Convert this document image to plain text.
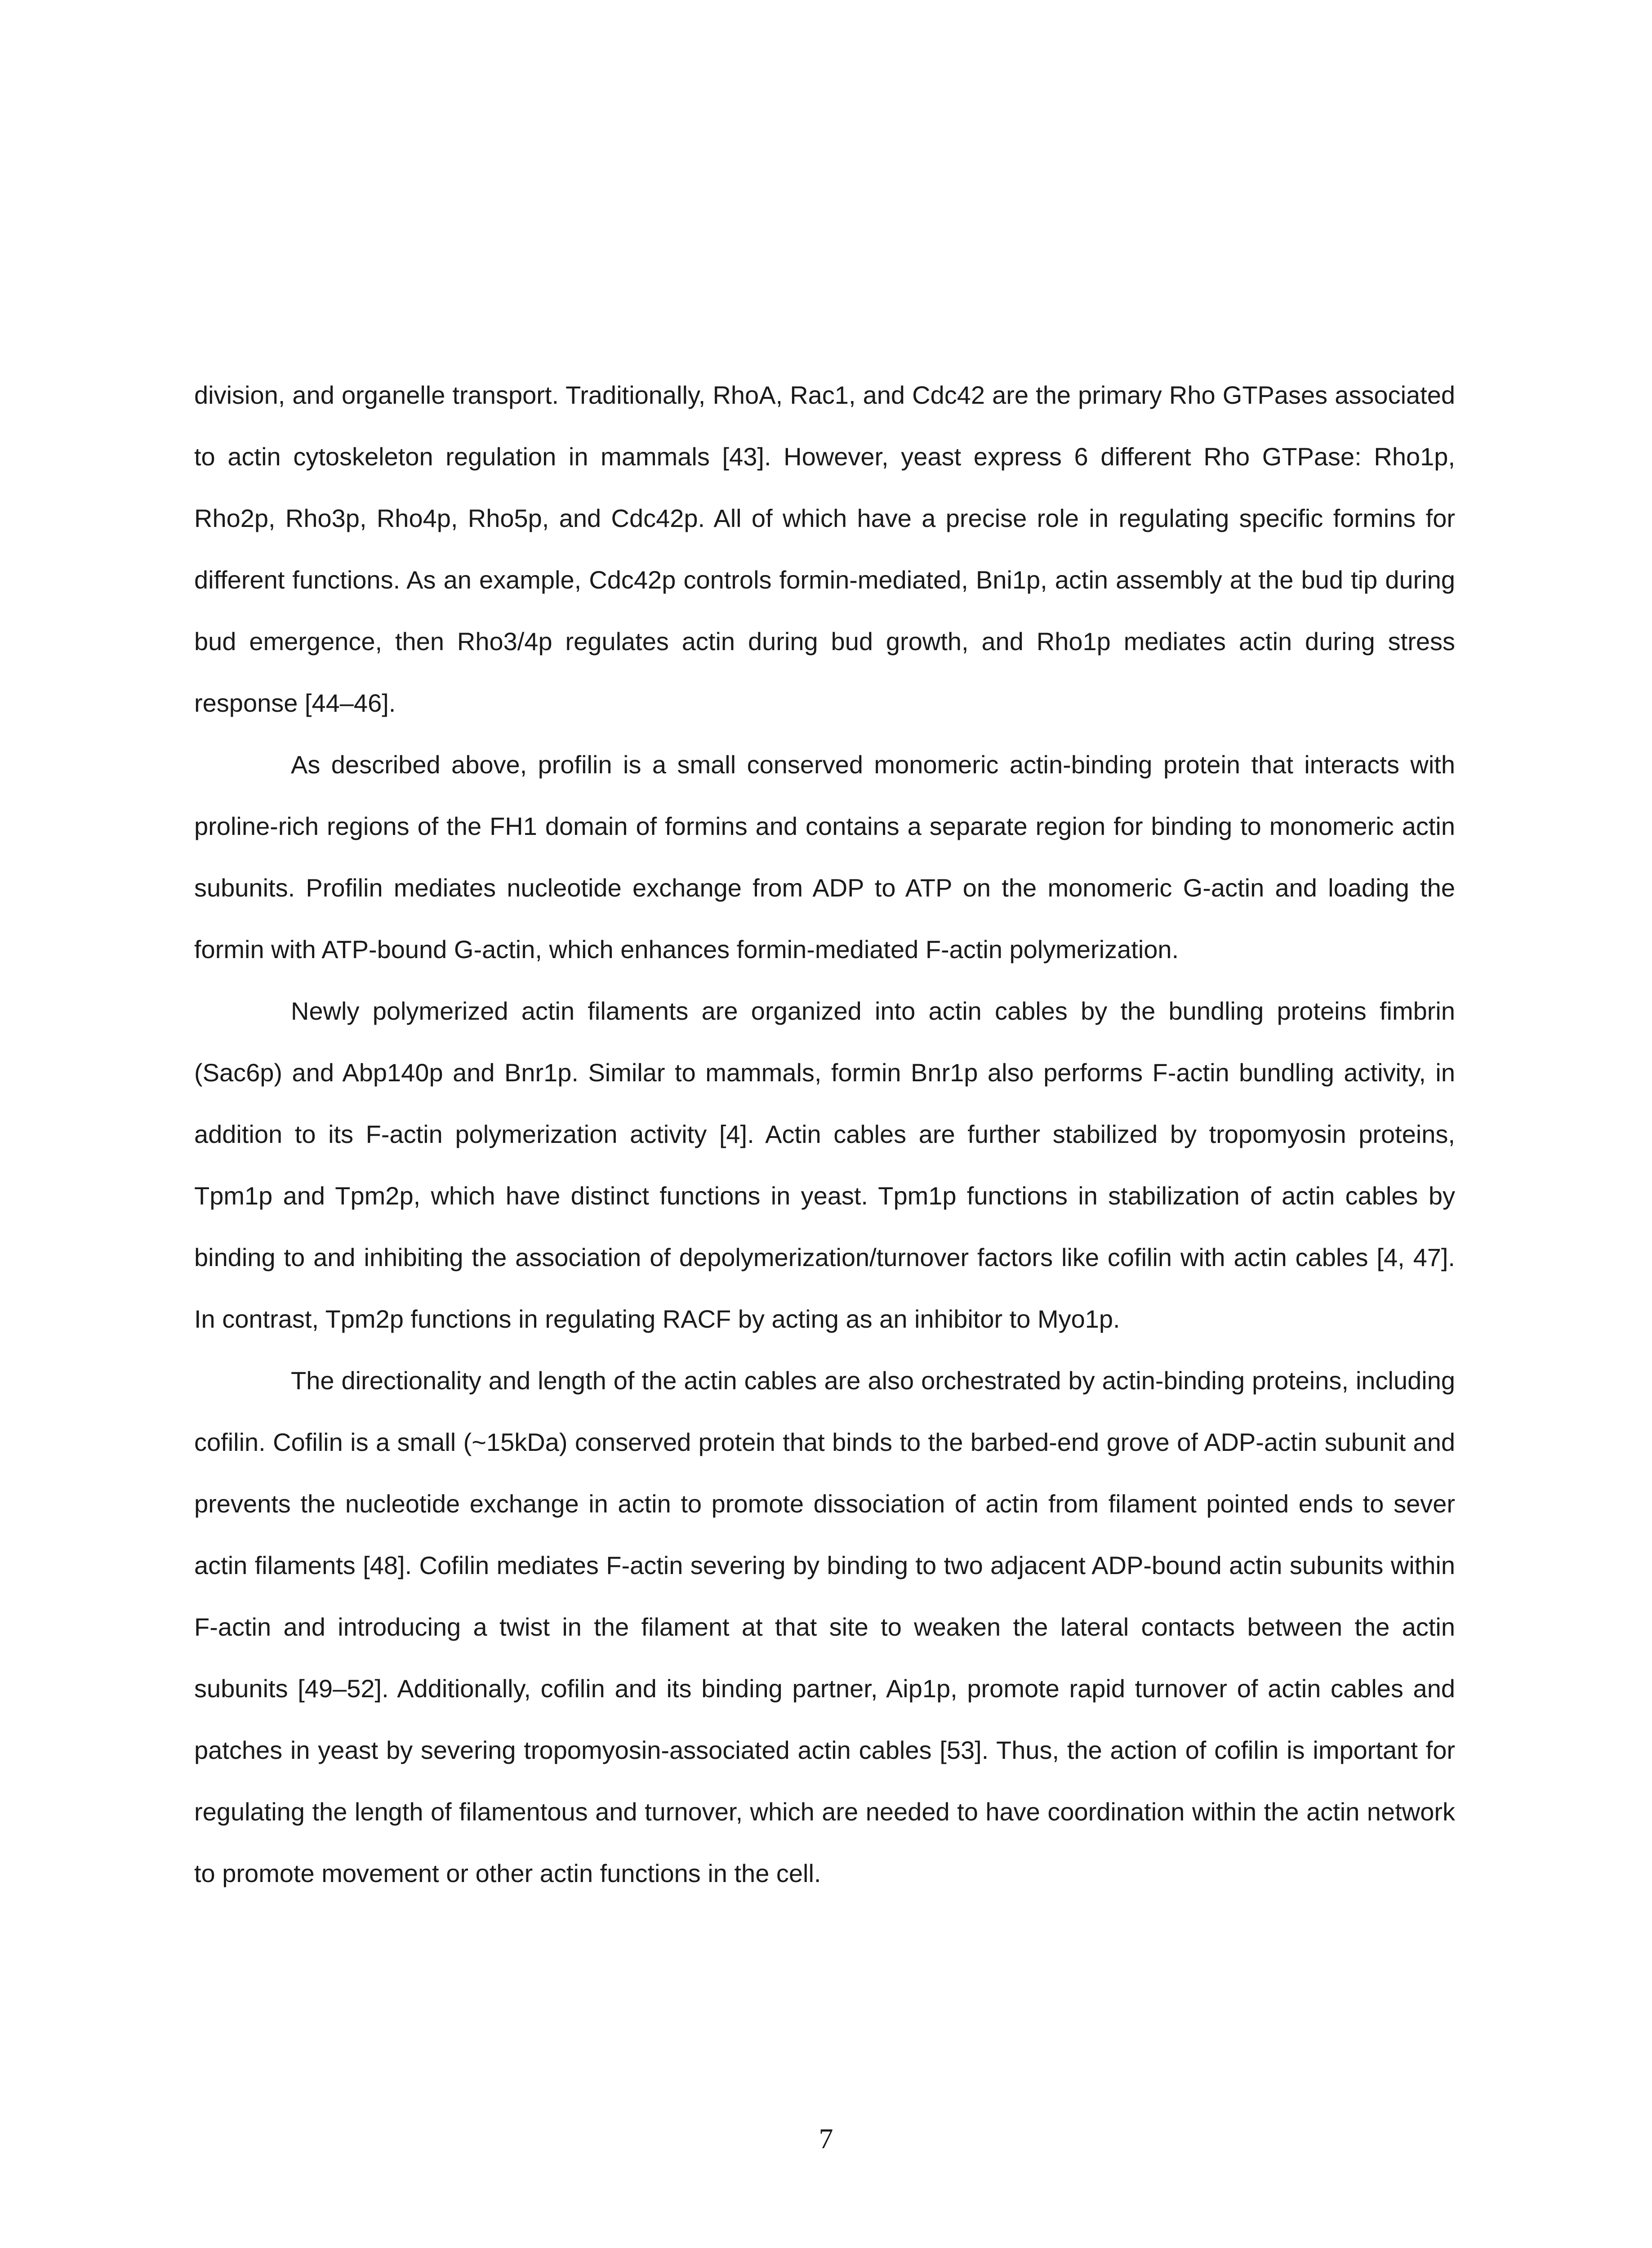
division, and organelle transport. Traditionally, RhoA, Rac1, and Cdc42 are the primary Rho GTPases associated to actin cytoskeleton regulation in mammals [43]. However, yeast express 6 different Rho GTPase: Rho1p, Rho2p, Rho3p, Rho4p, Rho5p, and Cdc42p. All of which have a precise role in regulating specific formins for different functions. As an example, Cdc42p controls formin-mediated, Bni1p, actin assembly at the bud tip during bud emergence, then Rho3/4p regulates actin during bud growth, and Rho1p mediates actin during stress response [44–46].

As described above, profilin is a small conserved monomeric actin-binding protein that interacts with proline-rich regions of the FH1 domain of formins and contains a separate region for binding to monomeric actin subunits. Profilin mediates nucleotide exchange from ADP to ATP on the monomeric G-actin and loading the formin with ATP-bound G-actin, which enhances formin-mediated F-actin polymerization.

Newly polymerized actin filaments are organized into actin cables by the bundling proteins fimbrin (Sac6p) and Abp140p and Bnr1p. Similar to mammals, formin Bnr1p also performs F-actin bundling activity, in addition to its F-actin polymerization activity [4]. Actin cables are further stabilized by tropomyosin proteins, Tpm1p and Tpm2p, which have distinct functions in yeast. Tpm1p functions in stabilization of actin cables by binding to and inhibiting the association of depolymerization/turnover factors like cofilin with actin cables [4, 47]. In contrast, Tpm2p functions in regulating RACF by acting as an inhibitor to Myo1p.

The directionality and length of the actin cables are also orchestrated by actin-binding proteins, including cofilin. Cofilin is a small (~15kDa) conserved protein that binds to the barbed-end grove of ADP-actin subunit and prevents the nucleotide exchange in actin to promote dissociation of actin from filament pointed ends to sever actin filaments [48]. Cofilin mediates F-actin severing by binding to two adjacent ADP-bound actin subunits within F-actin and introducing a twist in the filament at that site to weaken the lateral contacts between the actin subunits [49–52]. Additionally, cofilin and its binding partner, Aip1p, promote rapid turnover of actin cables and patches in yeast by severing tropomyosin-associated actin cables [53]. Thus, the action of cofilin is important for regulating the length of filamentous and turnover, which are needed to have coordination within the actin network to promote movement or other actin functions in the cell.

7
